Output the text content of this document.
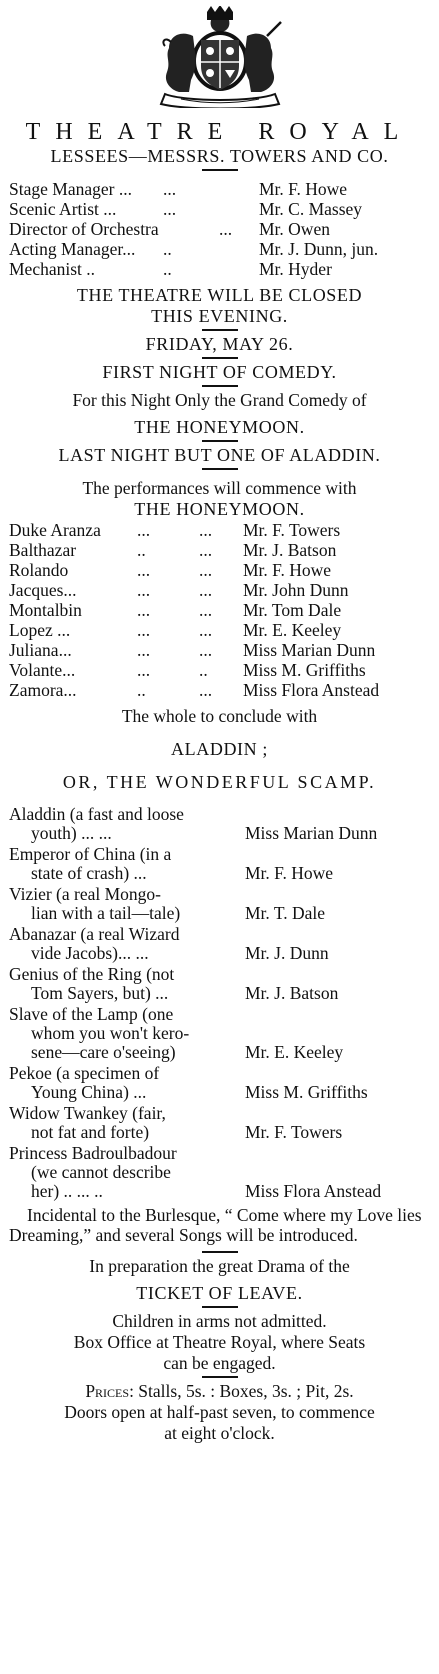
THEATRE ROYAL
LESSEES—MESSRS. TOWERS AND CO.
Stage Manager ...	...	Mr. F. Howe
Scenic Artist ...	...	Mr. C. Massey
Director of Orchestra	...	Mr. Owen
Acting Manager...	..	Mr. J. Dunn, jun.
Mechanist ..	..	Mr. Hyder
THE THEATRE WILL BE CLOSED
THIS EVENING.
FRIDAY, MAY 26.
FIRST NIGHT OF COMEDY.
For this Night Only the Grand Comedy of
THE HONEYMOON.
LAST NIGHT BUT ONE OF ALADDIN.
The performances will commence with
THE HONEYMOON.
Duke Aranza	...	...	Mr. F. Towers
Balthazar	..	...	Mr. J. Batson
Rolando	...	...	Mr. F. Howe
Jacques...	...	...	Mr. John Dunn
Montalbin	...	...	Mr. Tom Dale
Lopez ...	...	...	Mr. E. Keeley
Juliana...	...	...	Miss Marian Dunn
Volante...	...	..	Miss M. Griffiths
Zamora...	..	...	Miss Flora Anstead
The whole to conclude with
ALADDIN ;
OR, THE WONDERFUL SCAMP.
Aladdin (a fast and loose
youth) ... ...	Miss Marian Dunn
Emperor of China (in a
state of crash) ...	Mr. F. Howe
Vizier (a real Mongo-
lian with a tail—tale)	Mr. T. Dale
Abanazar (a real Wizard
vide Jacobs)... ...	Mr. J. Dunn
Genius of the Ring (not
Tom Sayers, but) ...	Mr. J. Batson
Slave of the Lamp (one
whom you won't kero-
sene—care o'seeing)	Mr. E. Keeley
Pekoe (a specimen of
Young China) ...	Miss M. Griffiths
Widow Twankey (fair,
not fat and forte)	Mr. F. Towers
Princess Badroulbadour
(we cannot describe
her) .. ... ..	Miss Flora Anstead
Incidental to the Burlesque, “ Come where my Love lies Dreaming,” and several Songs will be introduced.
In preparation the great Drama of the
TICKET OF LEAVE.
Children in arms not admitted.
Box Office at Theatre Royal, where Seats
can be engaged.
Prices: Stalls, 5s. : Boxes, 3s. ; Pit, 2s.
Doors open at half-past seven, to commence
at eight o'clock.
